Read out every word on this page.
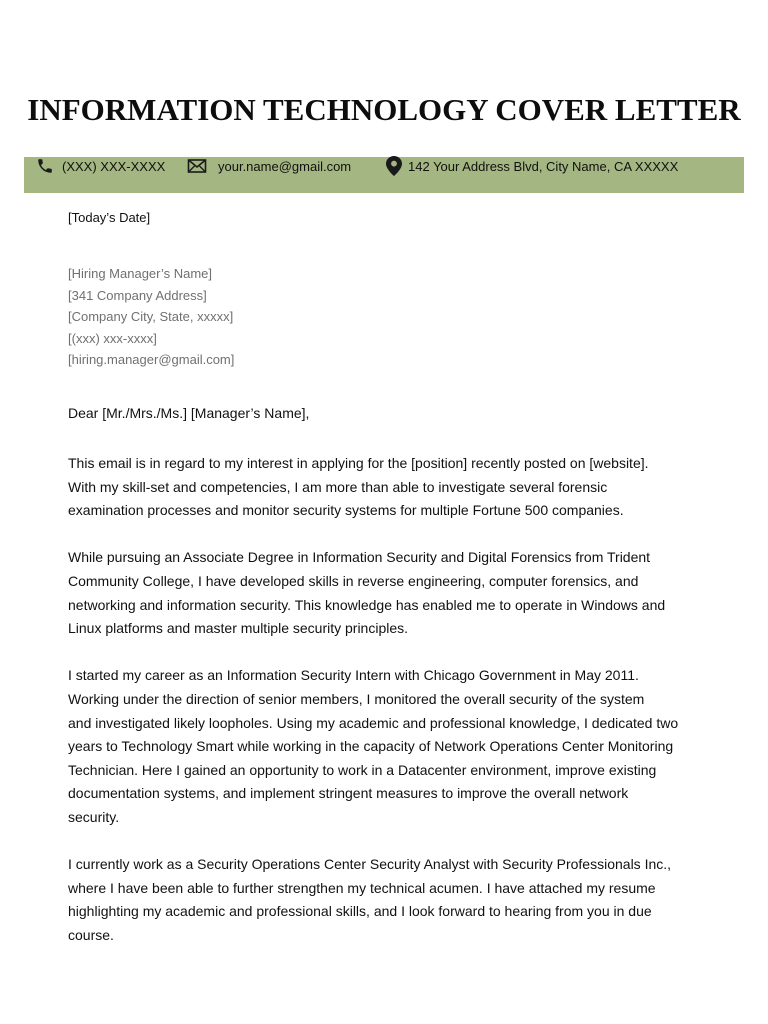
INFORMATION TECHNOLOGY COVER LETTER
(XXX) XXX-XXXX	your.name@gmail.com	142 Your Address Blvd, City Name, CA XXXXX
[Today’s Date]
[Hiring Manager’s Name]
[341 Company Address]
[Company City, State, xxxxx]
[(xxx) xxx-xxxx]
[hiring.manager@gmail.com]
Dear [Mr./Mrs./Ms.] [Manager’s Name],
This email is in regard to my interest in applying for the [position] recently posted on [website].
With my skill-set and competencies, I am more than able to investigate several forensic
examination processes and monitor security systems for multiple Fortune 500 companies.
While pursuing an Associate Degree in Information Security and Digital Forensics from Trident
Community College, I have developed skills in reverse engineering, computer forensics, and
networking and information security. This knowledge has enabled me to operate in Windows and
Linux platforms and master multiple security principles.
I started my career as an Information Security Intern with Chicago Government in May 2011.
Working under the direction of senior members, I monitored the overall security of the system
and investigated likely loopholes. Using my academic and professional knowledge, I dedicated two
years to Technology Smart while working in the capacity of Network Operations Center Monitoring
Technician. Here I gained an opportunity to work in a Datacenter environment, improve existing
documentation systems, and implement stringent measures to improve the overall network
security.
I currently work as a Security Operations Center Security Analyst with Security Professionals Inc.,
where I have been able to further strengthen my technical acumen. I have attached my resume
highlighting my academic and professional skills, and I look forward to hearing from you in due
course.
